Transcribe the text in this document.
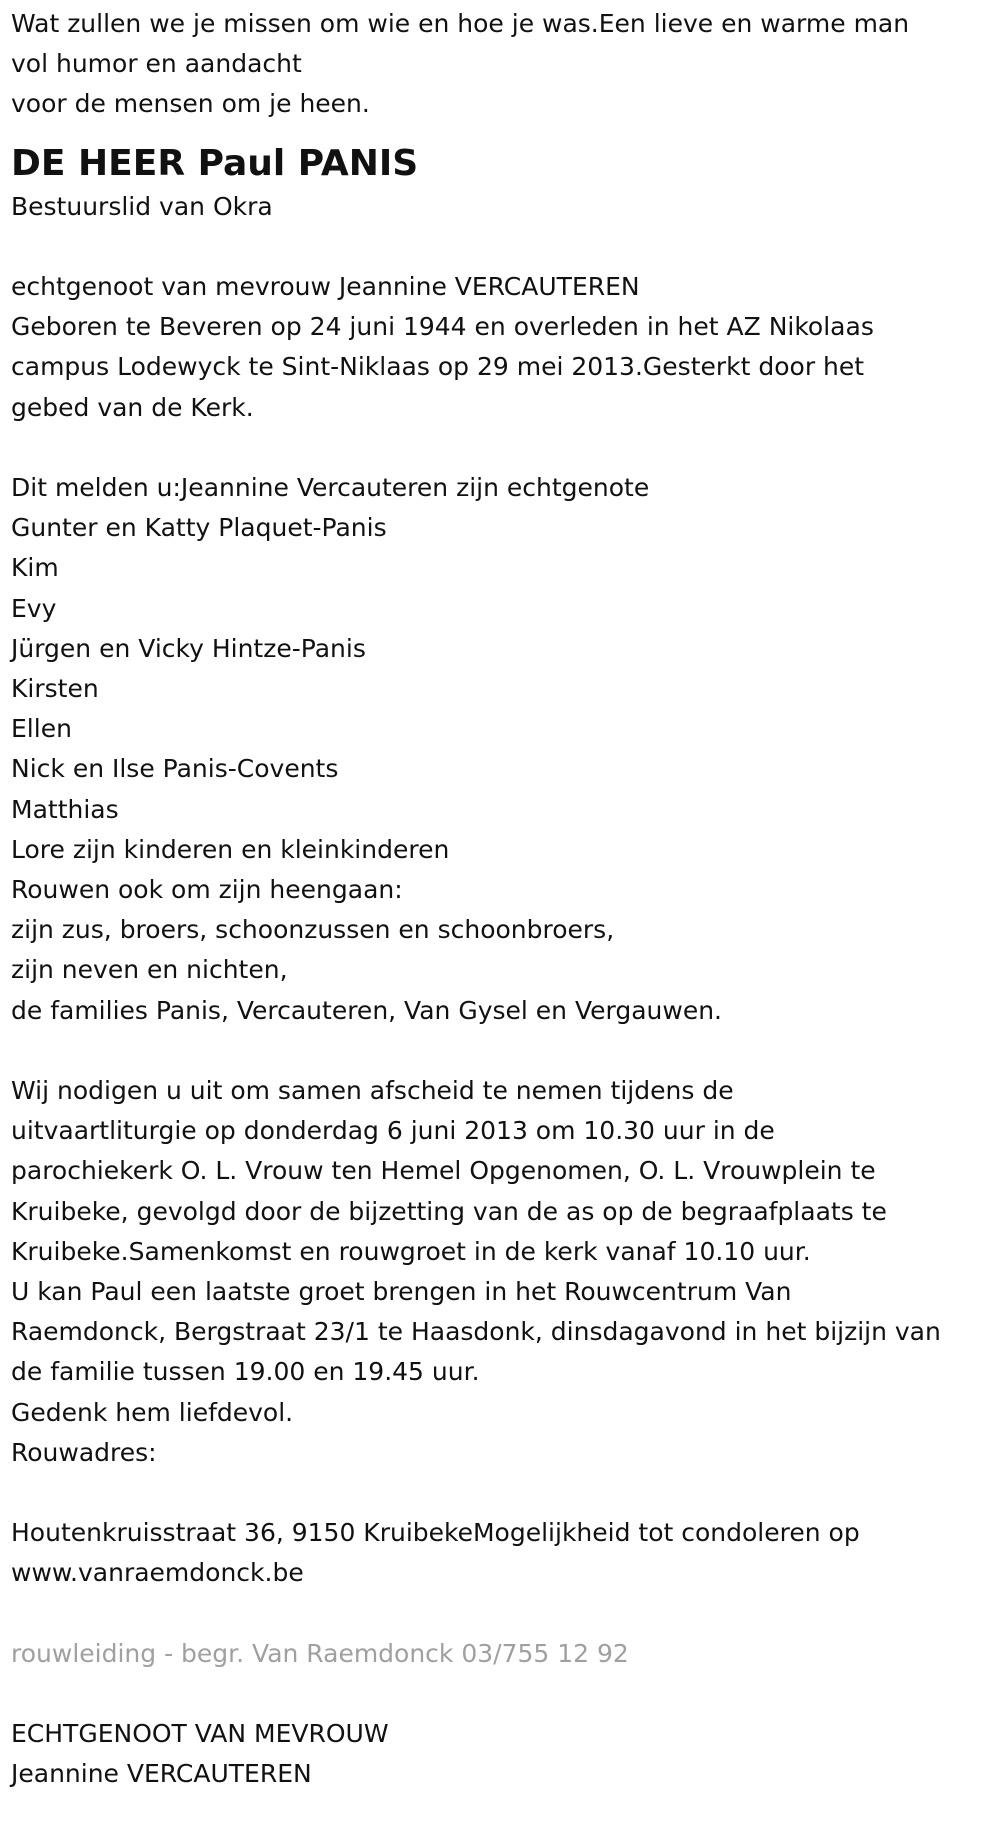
Wat zullen we je missen om wie en hoe je was.Een lieve en warme man
vol humor en aandacht
voor de mensen om je heen.
DE HEER Paul PANIS
Bestuurslid van Okra
echtgenoot van mevrouw Jeannine VERCAUTEREN
Geboren te Beveren op 24 juni 1944 en overleden in het AZ Nikolaas
campus Lodewyck te Sint-Niklaas op 29 mei 2013.Gesterkt door het
gebed van de Kerk.
Dit melden u:Jeannine Vercauteren zijn echtgenote
Gunter en Katty Plaquet-Panis
Kim
Evy
Jürgen en Vicky Hintze-Panis
Kirsten
Ellen
Nick en Ilse Panis-Covents
Matthias
Lore zijn kinderen en kleinkinderen
Rouwen ook om zijn heengaan:
zijn zus, broers, schoonzussen en schoonbroers,
zijn neven en nichten,
de families Panis, Vercauteren, Van Gysel en Vergauwen.
Wij nodigen u uit om samen afscheid te nemen tijdens de
uitvaartliturgie op donderdag 6 juni 2013 om 10.30 uur in de
parochiekerk O. L. Vrouw ten Hemel Opgenomen, O. L. Vrouwplein te
Kruibeke, gevolgd door de bijzetting van de as op de begraafplaats te
Kruibeke.Samenkomst en rouwgroet in de kerk vanaf 10.10 uur.
U kan Paul een laatste groet brengen in het Rouwcentrum Van
Raemdonck, Bergstraat 23/1 te Haasdonk, dinsdagavond in het bijzijn van
de familie tussen 19.00 en 19.45 uur.
Gedenk hem liefdevol.
Rouwadres:
Houtenkruisstraat 36, 9150 KruibekeMogelijkheid tot condoleren op
www.vanraemdonck.be
rouwleiding - begr. Van Raemdonck 03/755 12 92
ECHTGENOOT VAN MEVROUW
Jeannine VERCAUTEREN
